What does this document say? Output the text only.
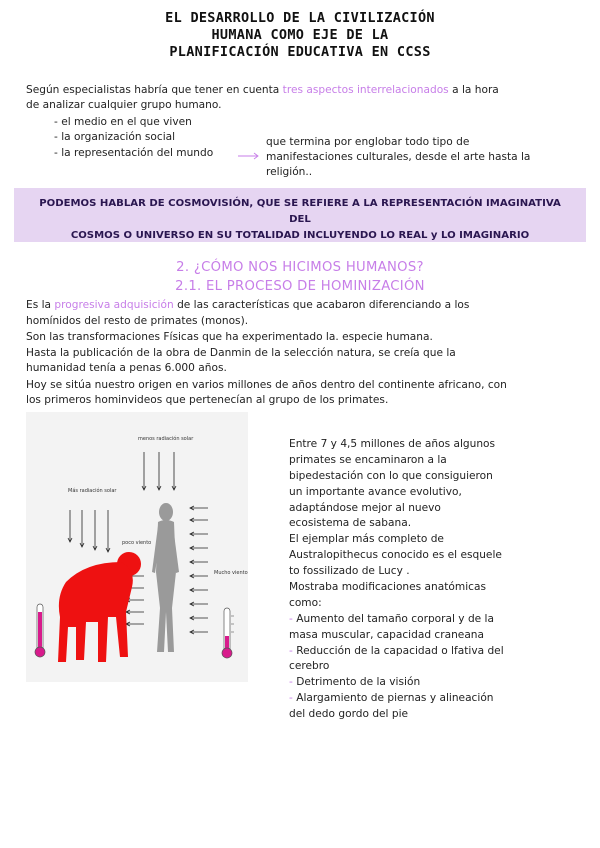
EL DESARROLLO DE LA CIVILIZACIÓN
HUMANA COMO EJE DE LA
PLANIFICACIÓN EDUCATIVA EN CCSS
Según especialistas habría que tener en cuenta tres aspectos interrelacionados a la hora
de analizar cualquier grupo humano.
- el medio en el que viven
- la organización social
- la representación del mundo
que termina por englobar todo tipo de
manifestaciones culturales, desde el arte hasta la
religión..
PODEMOS HABLAR DE COSMOVISIÓN, QUE SE REFIERE A LA REPRESENTACIÓN IMAGINATIVA DEL
COSMOS O UNIVERSO EN SU TOTALIDAD INCLUYENDO LO REAL y LO IMAGINARIO
2. ¿CÓMO NOS HICIMOS HUMANOS?
2.1. EL PROCESO DE HOMINIZACIÓN
Es la progresiva adquisición de las características que acabaron diferenciando a los
homínidos del resto de primates (monos).
Son las transformaciones Físicas que ha experimentado la. especie humana.
Hasta la publicación de la obra de Danmin de la selección natura, se creía que la
humanidad tenía a penas 6.000 años.
Hoy se sitúa nuestro origen en varios millones de años dentro del continente africano, con
los primeros hominvideos que pertenecían al grupo de los primates.
menos radiación solar
Más radiación solar
poco viento
Mucho viento
Entre 7 y 4,5 millones de años algunos
primates se encaminaron a la
bipedestación con lo que consiguieron
un importante avance evolutivo,
adaptándose mejor al nuevo
ecosistema de sabana.
El ejemplar más completo de
Australopithecus conocido es el esquele
to fossilizado de Lucy .
Mostraba modificaciones anatómicas
como:
- Aumento del tamaño corporal y de la
masa muscular, capacidad craneana
- Reducción de la capacidad o lfativa del
cerebro
- Detrimento de la visión
- Alargamiento de piernas y alineación
del dedo gordo del pie
